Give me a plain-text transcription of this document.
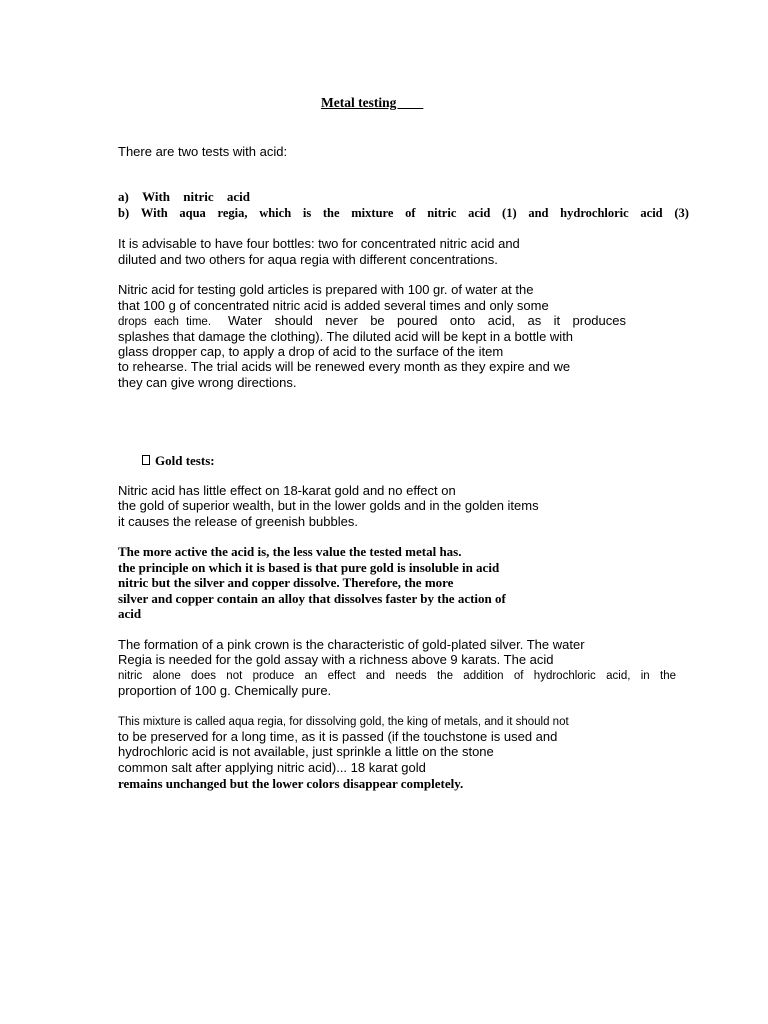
Metal testing
There are two tests with acid:
a) With nitric acid
b) With aqua regia, which is the mixture of nitric acid (1) and hydrochloric acid (3)
It is advisable to have four bottles: two for concentrated nitric acid and
diluted and two others for aqua regia with different concentrations.
Nitric acid for testing gold articles is prepared with 100 gr. of water at the
that 100 g of concentrated nitric acid is added several times and only some
drops each time. Water should never be poured onto acid, as it produces
splashes that damage the clothing). The diluted acid will be kept in a bottle with
glass dropper cap, to apply a drop of acid to the surface of the item
to rehearse. The trial acids will be renewed every month as they expire and we
they can give wrong directions.
Gold tests:
Nitric acid has little effect on 18-karat gold and no effect on
the gold of superior wealth, but in the lower golds and in the golden items
it causes the release of greenish bubbles.
The more active the acid is, the less value the tested metal has.
the principle on which it is based is that pure gold is insoluble in acid
nitric but the silver and copper dissolve. Therefore, the more
silver and copper contain an alloy that dissolves faster by the action of
acid
The formation of a pink crown is the characteristic of gold-plated silver. The water
Regia is needed for the gold assay with a richness above 9 karats. The acid
nitric alone does not produce an effect and needs the addition of hydrochloric acid, in the
proportion of 100 g. Chemically pure.
This mixture is called aqua regia, for dissolving gold, the king of metals, and it should not
to be preserved for a long time, as it is passed (if the touchstone is used and
hydrochloric acid is not available, just sprinkle a little on the stone
common salt after applying nitric acid)... 18 karat gold
remains unchanged but the lower colors disappear completely.
